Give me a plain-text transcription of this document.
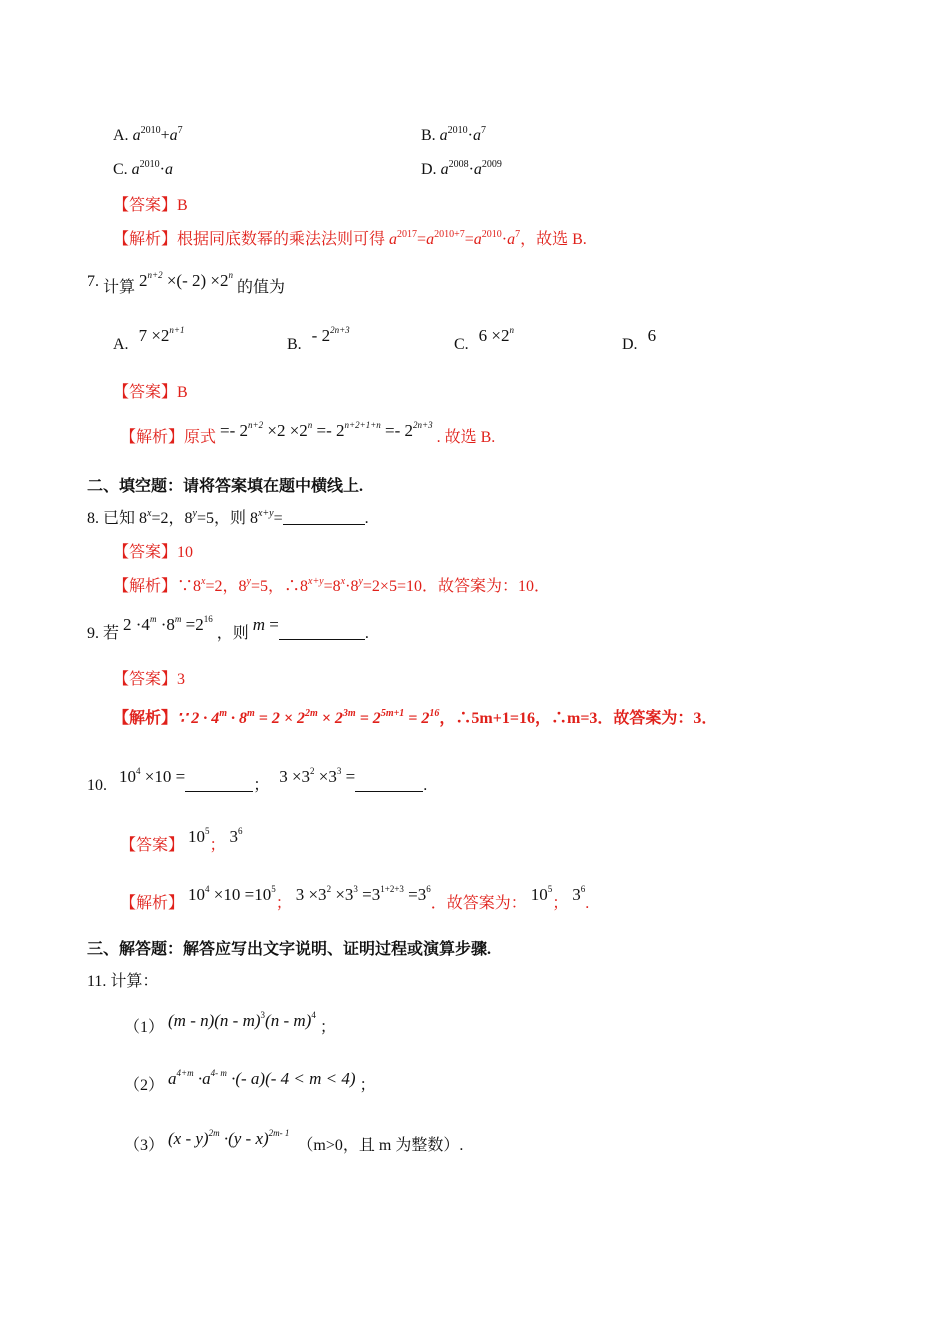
A. $a^{2010}+a^7$	B. $a^{2010}\cdot a^7$
C. $a^{2010}\cdot a$	D. $a^{2008}\cdot a^{2009}$
【答案】B
【解析】根据同底数幂的乘法法则可得 $a^{2017}=a^{2010+7}=a^{2010}\cdot a^7$，故选 B.
7. 计算 $2^{n+2}$ ×(- $2) \times 2^n$ 的值为
A. $7 \times 2^{n+1}$
B. - $2^{2n+3}$
C. $6 \times 2^n$
D. 6
【答案】B
【解析】原式 =- $2^{n+2} \times 2 \times 2^n =- 2^{n+2+1+n} =- 2^{2n+3}$ . 故选 B.
二、填空题：请将答案填在题中横线上.
8. 已知 $8^x=2$，$8^y=5$，则 $8^{x+y}=$	.
【答案】10
【解析】$\because 8^x=2$，$8^y=5$，$\therefore 8^{x+y}=8^x\cdot 8^y=2\times 5=10$．故答案为：10．
9. 若 $2 \cdot 4^m \cdot 8^m =2^{16}$ ，则 m =	.
【答案】3
【解析】∵ $2 \cdot 4^m \cdot 8^m = 2 \times 2^{2m} \times 2^{3m} = 2^{5m+1} = 2^{16}$，∴5m+1=16，∴m=3．故答案为：3．
10. $10^4 \times 10$ =	； $3 \times 3^2 \times 3^3$ =	.
【答案】 $10^5$； $3^6$
【解析】 $10^4 \times 10 =10^5$； $3 \times 3^2 \times 3^3 =3^{1+2+3} =3^6$．故答案为： $10^5$； $3^6$.
三、解答题：解答应写出文字说明、证明过程或演算步骤.
11. 计算：
（1） (m - n)(n - m)$^3$(n - m)$^4$ ；
（2） $a^{4+m} \cdot a^{4- m}$ ·(- a)(- 4 < m < 4) ；
（3） (x - y)$^{2m}$ ·(y - x)$^{2m- 1}$ （m>0，且 m 为整数）.
